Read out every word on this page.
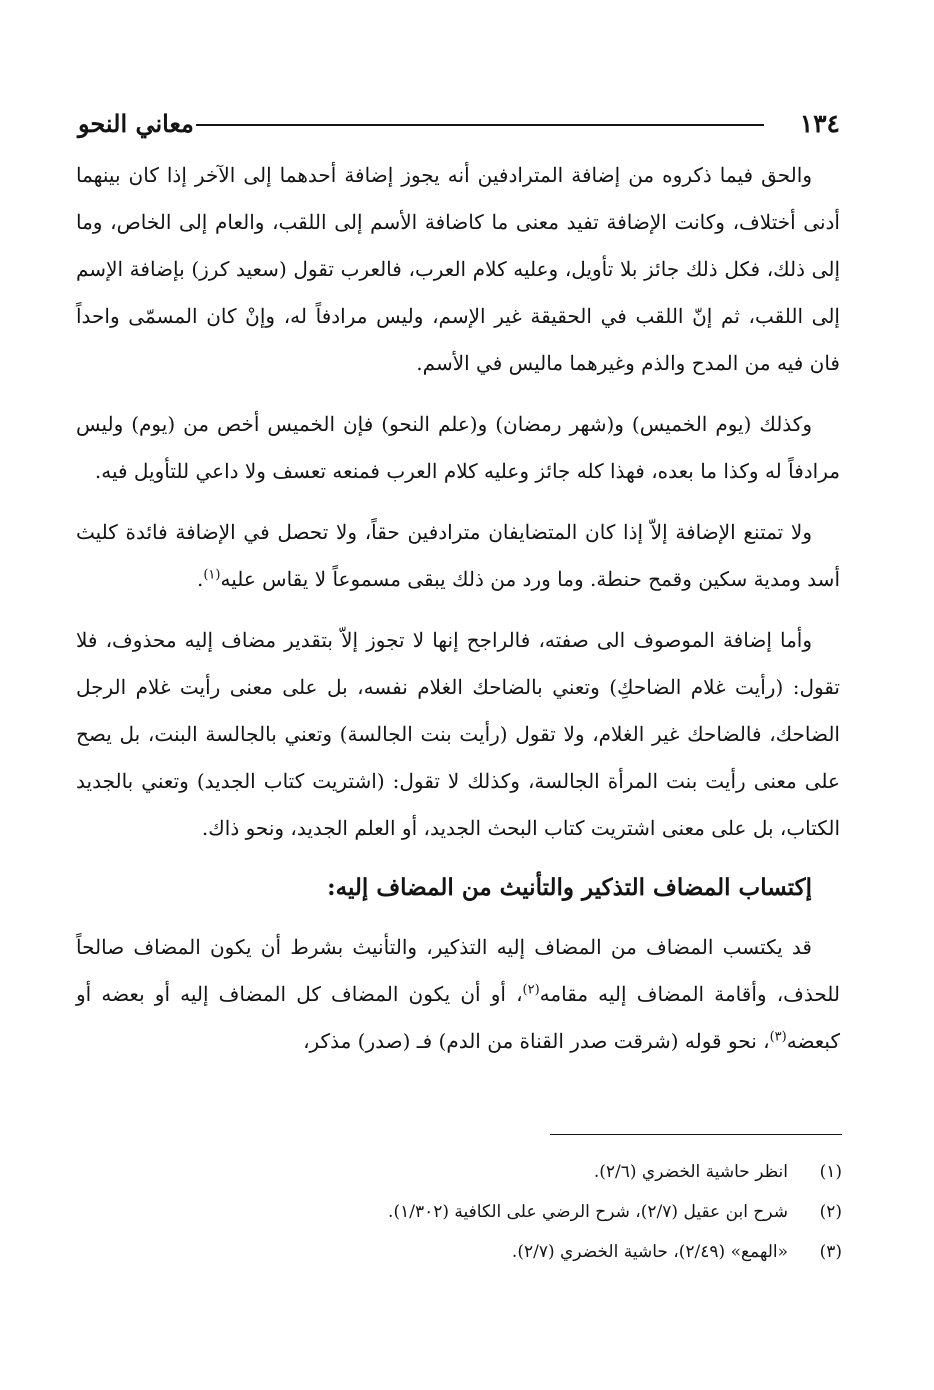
١٣٤
معاني النحو

والحق فيما ذكروه من إضافة المترادفين أنه يجوز إضافة أحدهما إلى الآخر إذا كان بينهما أدنى أختلاف، وكانت الإضافة تفيد معنى ما كاضافة الأسم إلى اللقب، والعام إلى الخاص، وما إلى ذلك، فكل ذلك جائز بلا تأويل، وعليه كلام العرب، فالعرب تقول (سعيد كرز) بإضافة الإسم إلى اللقب، ثم إنّ اللقب في الحقيقة غير الإسم، وليس مرادفاً له، وإنْ كان المسمّى واحداً فان فيه من المدح والذم وغيرهما ماليس في الأسم.

وكذلك (يوم الخميس) و(شهر رمضان) و(علم النحو) فإن الخميس أخص من (يوم) وليس مرادفاً له وكذا ما بعده، فهذا كله جائز وعليه كلام العرب فمنعه تعسف ولا داعي للتأويل فيه.

ولا تمتنع الإضافة إلاّ إذا كان المتضايفان مترادفين حقاً، ولا تحصل في الإضافة فائدة كليث أسد ومدية سكين وقمح حنطة. وما ورد من ذلك يبقى مسموعاً لا يقاس عليه$^{(١)}$.

وأما إضافة الموصوف الى صفته، فالراجح إنها لا تجوز إلاّ بتقدير مضاف إليه محذوف، فلا تقول: (رأيت غلام الضاحكِ) وتعني بالضاحك الغلام نفسه، بل على معنى رأيت غلام الرجل الضاحك، فالضاحك غير الغلام، ولا تقول (رأيت بنت الجالسة) وتعني بالجالسة البنت، بل يصح على معنى رأيت بنت المرأة الجالسة، وكذلك لا تقول: (اشتريت كتاب الجديد) وتعني بالجديد الكتاب، بل على معنى اشتريت كتاب البحث الجديد، أو العلم الجديد، ونحو ذاك.

إكتساب المضاف التذكير والتأنيث من المضاف إليه:

قد يكتسب المضاف من المضاف إليه التذكير، والتأنيث بشرط أن يكون المضاف صالحاً للحذف، وأقامة المضاف إليه مقامه$^{(٢)}$، أو أن يكون المضاف كل المضاف إليه أو بعضه أو كبعضه$^{(٣)}$، نحو قوله (شرقت صدر القناة من الدم) فـ (صدر) مذكر،

(١)
انظر حاشية الخضري (٢/٦).
(٢)
شرح ابن عقيل (٢/٧)، شرح الرضي على الكافية (١/٣٠٢).
(٣)
«الهمع» (٢/٤٩)، حاشية الخضري (٢/٧).
